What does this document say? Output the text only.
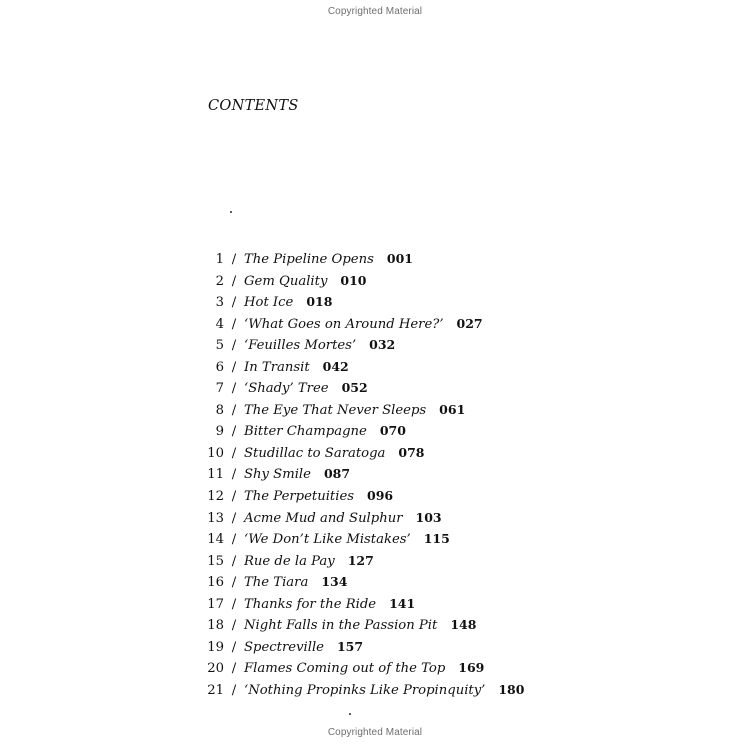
Copyrighted Material
CONTENTS
1 / The Pipeline Opens 001
2 / Gem Quality 010
3 / Hot Ice 018
4 / ‘What Goes on Around Here?’ 027
5 / ‘Feuilles Mortes’ 032
6 / In Transit 042
7 / ‘Shady’ Tree 052
8 / The Eye That Never Sleeps 061
9 / Bitter Champagne 070
10 / Studillac to Saratoga 078
11 / Shy Smile 087
12 / The Perpetuities 096
13 / Acme Mud and Sulphur 103
14 / ‘We Don’t Like Mistakes’ 115
15 / Rue de la Pay 127
16 / The Tiara 134
17 / Thanks for the Ride 141
18 / Night Falls in the Passion Pit 148
19 / Spectreville 157
20 / Flames Coming out of the Top 169
21 / ‘Nothing Propinks Like Propinquity’ 180
Copyrighted Material
